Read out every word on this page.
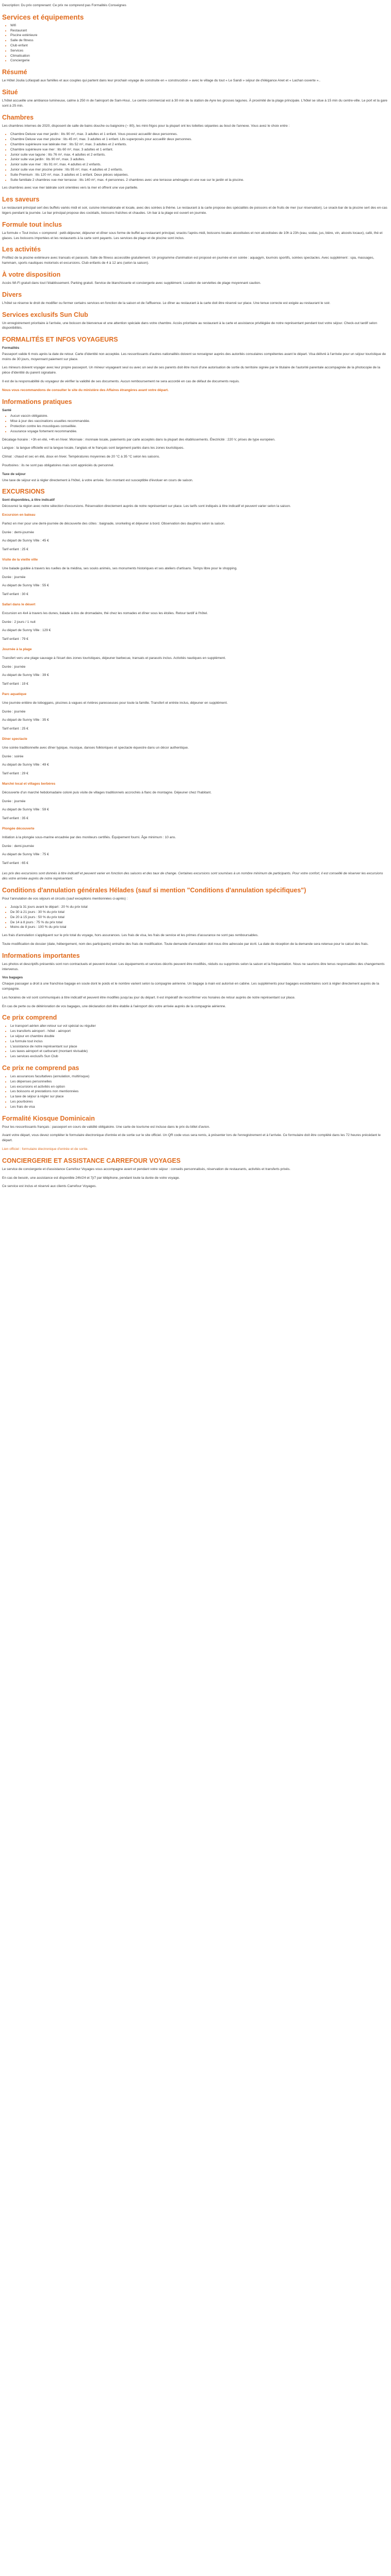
Description: Du prix comprenant: Ce prix ne comprend pas Formalités Conseignes

Services et équipements
• Wifi
• Restaurant
• Piscine extérieure
• Salle de fitness
• Club enfant
• Services
• Climatisation
• Conciergerie
Résumé

Le Hôtel Joulia Lofaopati aux familles et aux couples qui partent dans leur prochain voyage de construite en « construcxtion » avec le village du tout « Le Sandi » séjour de d'élégance Anet et « Lachan ouverte »..

Situé

L'hôtel accueille une ambiance lumineuse, calme à 250 m de l'aéroport de Sam-Houi.. Le centre commercial est à 30 min de la station de Ayre les grosses lagunes. À proximité de la plage principale. L'hôtel se situe à 15 min du centre-ville. Le port et la gare sont à 25 min.

Chambres

Les chambres internes de 2020, disposent de salle de bains douche ou baignoire (~ 80), les mini-frigos pour la plupart ont les toilettes séparées au bout de l'annexe. Vous avez le choix entre :

• Chambre Deluxe vue mer jardin : lits 90 m², max. 3 adultes et 1 enfant. Vous pouvez accueillir deux personnes.
• Chambre Deluxe vue mer piscine : lits 45 m², max. 3 adultes et 1 enfant. Lits superposés pour accueillir deux personnes.
• Chambre supérieure vue latérale mer : lits 52 m², max. 3 adultes et 2 enfants.
• Chambre supérieure vue mer : lits 60 m², max. 3 adultes et 1 enfant.
• Junior suite vue lagune : lits 76 m², max. 4 adultes et 2 enfants.
• Junior suite vue jardin : lits 90 m², max. 3 adultes.
• Junior suite vue mer : lits 91 m², max. 4 adultes et 2 enfants.
• Junior suite vue mer piscine privée : lits 95 m², max. 4 adultes et 2 enfants.
• Suite Premium : lits 120 m², max. 3 adultes et 1 enfant. Deux pièces séparées.
• Suite familiale 2 chambres vue mer terrasse : lits 140 m², max. 4 personnes. 2 chambres avec une terrasse aménagée et une vue sur le jardin et la piscine.

Les chambres avec vue mer latérale sont orientées vers la mer et offrent une vue partielle.

Les saveurs

Le restaurant principal sert des buffets variés midi et soir, cuisine internationale et locale, avec des soirées à thème. Le restaurant à la carte propose des spécialités de poissons et de fruits de mer (sur réservation). Le snack-bar de la piscine sert des en-cas légers pendant la journée. Le bar principal propose des cocktails, boissons fraîches et chaudes. Un bar à la plage est ouvert en journée.

Formule tout inclus

La formule « Tout inclus » comprend : petit-déjeuner, déjeuner et dîner sous forme de buffet au restaurant principal, snacks l'après-midi, boissons locales alcoolisées et non alcoolisées de 10h à 23h (eau, sodas, jus, bière, vin, alcools locaux), café, thé et glaces. Les boissons importées et les restaurants à la carte sont payants. Les services de plage et de piscine sont inclus.

Les activités

Profitez de la piscine extérieure avec transats et parasols. Salle de fitness accessible gratuitement. Un programme d'animation est proposé en journée et en soirée : aquagym, tournois sportifs, soirées spectacles. Avec supplément : spa, massages, hammam, sports nautiques motorisés et excursions. Club enfants de 4 à 12 ans (selon la saison).

À votre disposition

Accès Wi-Fi gratuit dans tout l'établissement. Parking gratuit. Service de blanchisserie et conciergerie avec supplément. Location de serviettes de plage moyennant caution.

Divers

L'hôtel se réserve le droit de modifier ou fermer certains services en fonction de la saison et de l'affluence. Le dîner au restaurant à la carte doit être réservé sur place. Une tenue correcte est exigée au restaurant le soir.

Services exclusifs Sun Club

Un enregistrement prioritaire à l'arrivée, une boisson de bienvenue et une attention spéciale dans votre chambre. Accès prioritaire au restaurant à la carte et assistance privilégiée de notre représentant pendant tout votre séjour. Check-out tardif selon disponibilités.

FORMALITÉS ET INFOS VOYAGEURS

Formalités

Passeport valide 6 mois après la date de retour. Carte d'identité non acceptée. Les ressortissants d'autres nationalités doivent se renseigner auprès des autorités consulaires compétentes avant le départ. Visa délivré à l'arrivée pour un séjour touristique de moins de 30 jours, moyennant paiement sur place.

Les mineurs doivent voyager avec leur propre passeport. Un mineur voyageant seul ou avec un seul de ses parents doit être muni d'une autorisation de sortie du territoire signée par le titulaire de l'autorité parentale accompagnée de la photocopie de la pièce d'identité du parent signataire.

Il est de la responsabilité du voyageur de vérifier la validité de ses documents. Aucun remboursement ne sera accordé en cas de défaut de documents requis.

Nous vous recommandons de consulter le site du ministère des Affaires étrangères avant votre départ.

Informations pratiques

Santé

• Aucun vaccin obligatoire.
• Mise à jour des vaccinations usuelles recommandée.
• Protection contre les moustiques conseillée.
• Assurance voyage fortement recommandée.

Décalage horaire : +3h en été, +4h en hiver. Monnaie : monnaie locale, paiements par carte acceptés dans la plupart des établissements. Électricité : 220 V, prises de type européen.

Langue : la langue officielle est la langue locale, l'anglais et le français sont largement parlés dans les zones touristiques.

Climat : chaud et sec en été, doux en hiver. Températures moyennes de 20 °C à 35 °C selon les saisons.

Pourboires : ils ne sont pas obligatoires mais sont appréciés du personnel.

Taxe de séjour

Une taxe de séjour est à régler directement à l'hôtel, à votre arrivée. Son montant est susceptible d'évoluer en cours de saison.

EXCURSIONS

Sont disponibles, à titre indicatif

Découvrez la région avec notre sélection d'excursions. Réservation directement auprès de notre représentant sur place. Les tarifs sont indiqués à titre indicatif et peuvent varier selon la saison.

Excursion en bateau

Partez en mer pour une demi-journée de découverte des côtes : baignade, snorkeling et déjeuner à bord. Observation des dauphins selon la saison.

Durée : demi-journée

Au départ de Sunny Ville : 45 €

Tarif enfant : 25 €

Visite de la vieille ville

Une balade guidée à travers les ruelles de la médina, ses souks animés, ses monuments historiques et ses ateliers d'artisans. Temps libre pour le shopping.

Durée : journée

Au départ de Sunny Ville : 55 €

Tarif enfant : 30 €

Safari dans le désert

Excursion en 4x4 à travers les dunes, balade à dos de dromadaire, thé chez les nomades et dîner sous les étoiles. Retour tardif à l'hôtel.

Durée : 2 jours / 1 nuit

Au départ de Sunny Ville : 129 €

Tarif enfant : 79 €

Journée à la plage

Transfert vers une plage sauvage à l'écart des zones touristiques, déjeuner barbecue, transats et parasols inclus. Activités nautiques en supplément.

Durée : journée

Au départ de Sunny Ville : 39 €

Tarif enfant : 19 €

Parc aquatique

Une journée entière de toboggans, piscines à vagues et rivières paresseuses pour toute la famille. Transfert et entrée inclus, déjeuner en supplément.

Durée : journée

Au départ de Sunny Ville : 35 €

Tarif enfant : 25 €

Dîner spectacle

Une soirée traditionnelle avec dîner typique, musique, danses folkloriques et spectacle équestre dans un décor authentique.

Durée : soirée

Au départ de Sunny Ville : 49 €

Tarif enfant : 29 €

Marché local et villages berbères

Découverte d'un marché hebdomadaire coloré puis visite de villages traditionnels accrochés à flanc de montagne. Déjeuner chez l'habitant.

Durée : journée

Au départ de Sunny Ville : 59 €

Tarif enfant : 35 €

Plongée découverte

Initiation à la plongée sous-marine encadrée par des moniteurs certifiés. Équipement fourni. Âge minimum : 10 ans.

Durée : demi-journée

Au départ de Sunny Ville : 75 €

Tarif enfant : 65 €

Les prix des excursions sont donnés à titre indicatif et peuvent varier en fonction des saisons et des taux de change. Certaines excursions sont soumises à un nombre minimum de participants. Pour votre confort, il est conseillé de réserver les excursions dès votre arrivée auprès de notre représentant.

Conditions d'annulation générales Hélades (sauf si mention "Conditions d'annulation spécifiques")

Pour l'annulation de vos séjours et circuits (sauf exceptions mentionnées ci-après) :

• Jusqu'à 31 jours avant le départ : 20 % du prix total
• De 30 à 21 jours : 30 % du prix total
• De 20 à 15 jours : 50 % du prix total
• De 14 à 8 jours : 75 % du prix total
• Moins de 8 jours : 100 % du prix total

Les frais d'annulation s'appliquent sur le prix total du voyage, hors assurances. Les frais de visa, les frais de service et les primes d'assurance ne sont pas remboursables.

Toute modification de dossier (date, hébergement, nom des participants) entraîne des frais de modification. Toute demande d'annulation doit nous être adressée par écrit. La date de réception de la demande sera retenue pour le calcul des frais.

Informations importantes

Les photos et descriptifs présentés sont non contractuels et peuvent évoluer. Les équipements et services décrits peuvent être modifiés, réduits ou supprimés selon la saison et la fréquentation. Nous ne saurions être tenus responsables des changements intervenus.

Vos bagages

Chaque passager a droit à une franchise bagage en soute dont le poids et le nombre varient selon la compagnie aérienne. Un bagage à main est autorisé en cabine. Les suppléments pour bagages excédentaires sont à régler directement auprès de la compagnie.

Les horaires de vol sont communiqués à titre indicatif et peuvent être modifiés jusqu'au jour du départ. Il est impératif de reconfirmer vos horaires de retour auprès de notre représentant sur place.

En cas de perte ou de détérioration de vos bagages, une déclaration doit être établie à l'aéroport dès votre arrivée auprès de la compagnie aérienne.

Ce prix comprend
• Le transport aérien aller-retour sur vol spécial ou régulier
• Les transferts aéroport - hôtel - aéroport
• Le séjour en chambre double
• La formule tout inclus
• L'assistance de notre représentant sur place
• Les taxes aéroport et carburant (montant révisable)
• Les services exclusifs Sun Club
Ce prix ne comprend pas
• Les assurances facultatives (annulation, multirisque)
• Les dépenses personnelles
• Les excursions et activités en option
• Les boissons et prestations non mentionnées
• La taxe de séjour à régler sur place
• Les pourboires
• Les frais de visa
Formalité Kiosque Dominicain

Pour les ressortissants français : passeport en cours de validité obligatoire. Une carte de tourisme est incluse dans le prix du billet d'avion.

Avant votre départ, vous devez compléter le formulaire électronique d'entrée et de sortie sur le site officiel. Un QR code vous sera remis, à présenter lors de l'enregistrement et à l'arrivée. Ce formulaire doit être complété dans les 72 heures précédant le départ.

Lien officiel : formulaire électronique d'entrée et de sortie.

CONCIERGERIE ET ASSISTANCE CARREFOUR VOYAGES

Le service de conciergerie et d'assistance Carrefour Voyages vous accompagne avant et pendant votre séjour : conseils personnalisés, réservation de restaurants, activités et transferts privés.

En cas de besoin, une assistance est disponible 24h/24 et 7j/7 par téléphone, pendant toute la durée de votre voyage.

Ce service est inclus et réservé aux clients Carrefour Voyages.
